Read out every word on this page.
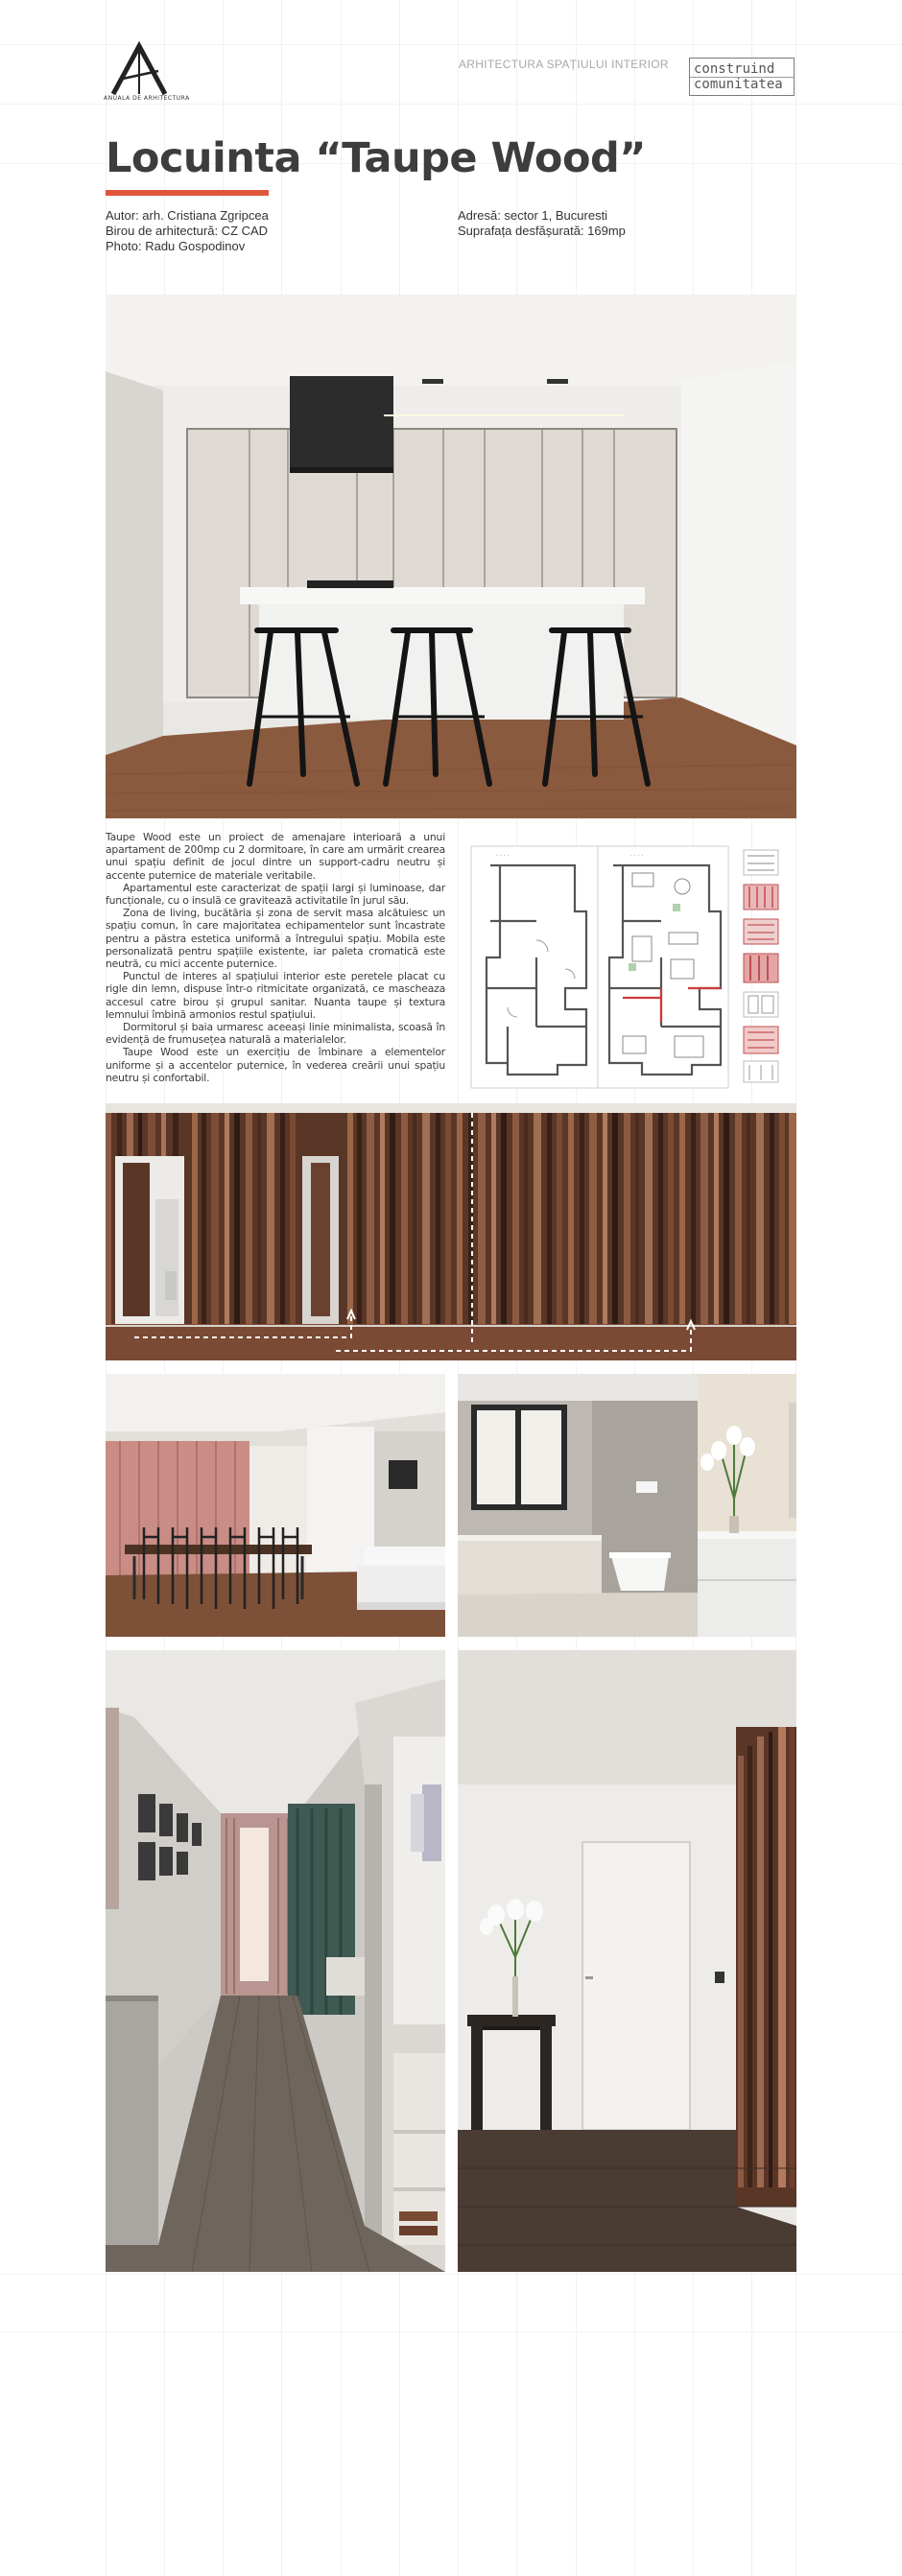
ANUALA DE ARHITECTURA
ARHITECTURA SPAȚIULUI INTERIOR construind
comunitatea
Locuinta “Taupe Wood”
Autor: arh. Cristiana Zgripcea
Birou de arhitectură: CZ CAD
Photo: Radu Gospodinov
Adresă: sector 1, Bucuresti
Suprafața desfășurată: 169mp

Taupe Wood este un proiect de amenajare interioară a unui apartament de 200mp cu 2 dormitoare, în care am urmărit crearea unui spațiu definit de jocul dintre un support-cadru neutru și accente puternice de materiale veritabile.

Apartamentul este caracterizat de spații largi și luminoase, dar funcționale, cu o insulă ce gravitează activitatile în jurul său.

Zona de living, bucătăria și zona de servit masa alcătuiesc un spațiu comun, în care majoritatea echipamentelor sunt încastrate pentru a păstra estetica uniformă a întregului spațiu. Mobila este personalizată pentru spațiile existente, iar paleta cromatică este neutră, cu mici accente puternice.

Punctul de interes al spațiului interior este peretele placat cu rigle din lemn, dispuse într-o ritmicitate organizată, ce mascheaza accesul catre birou și grupul sanitar. Nuanta taupe și textura lemnului îmbină armonios restul spațiului.

Dormitorul și baia urmaresc aceeași linie minimalista, scoasă în evidență de frumusețea naturală a materialelor.

Taupe Wood este un exercițiu de îmbinare a elementelor uniforme și a accentelor puternice, în vederea creării unui spațiu neutru și confortabil.

· · · ·	· · · ·
